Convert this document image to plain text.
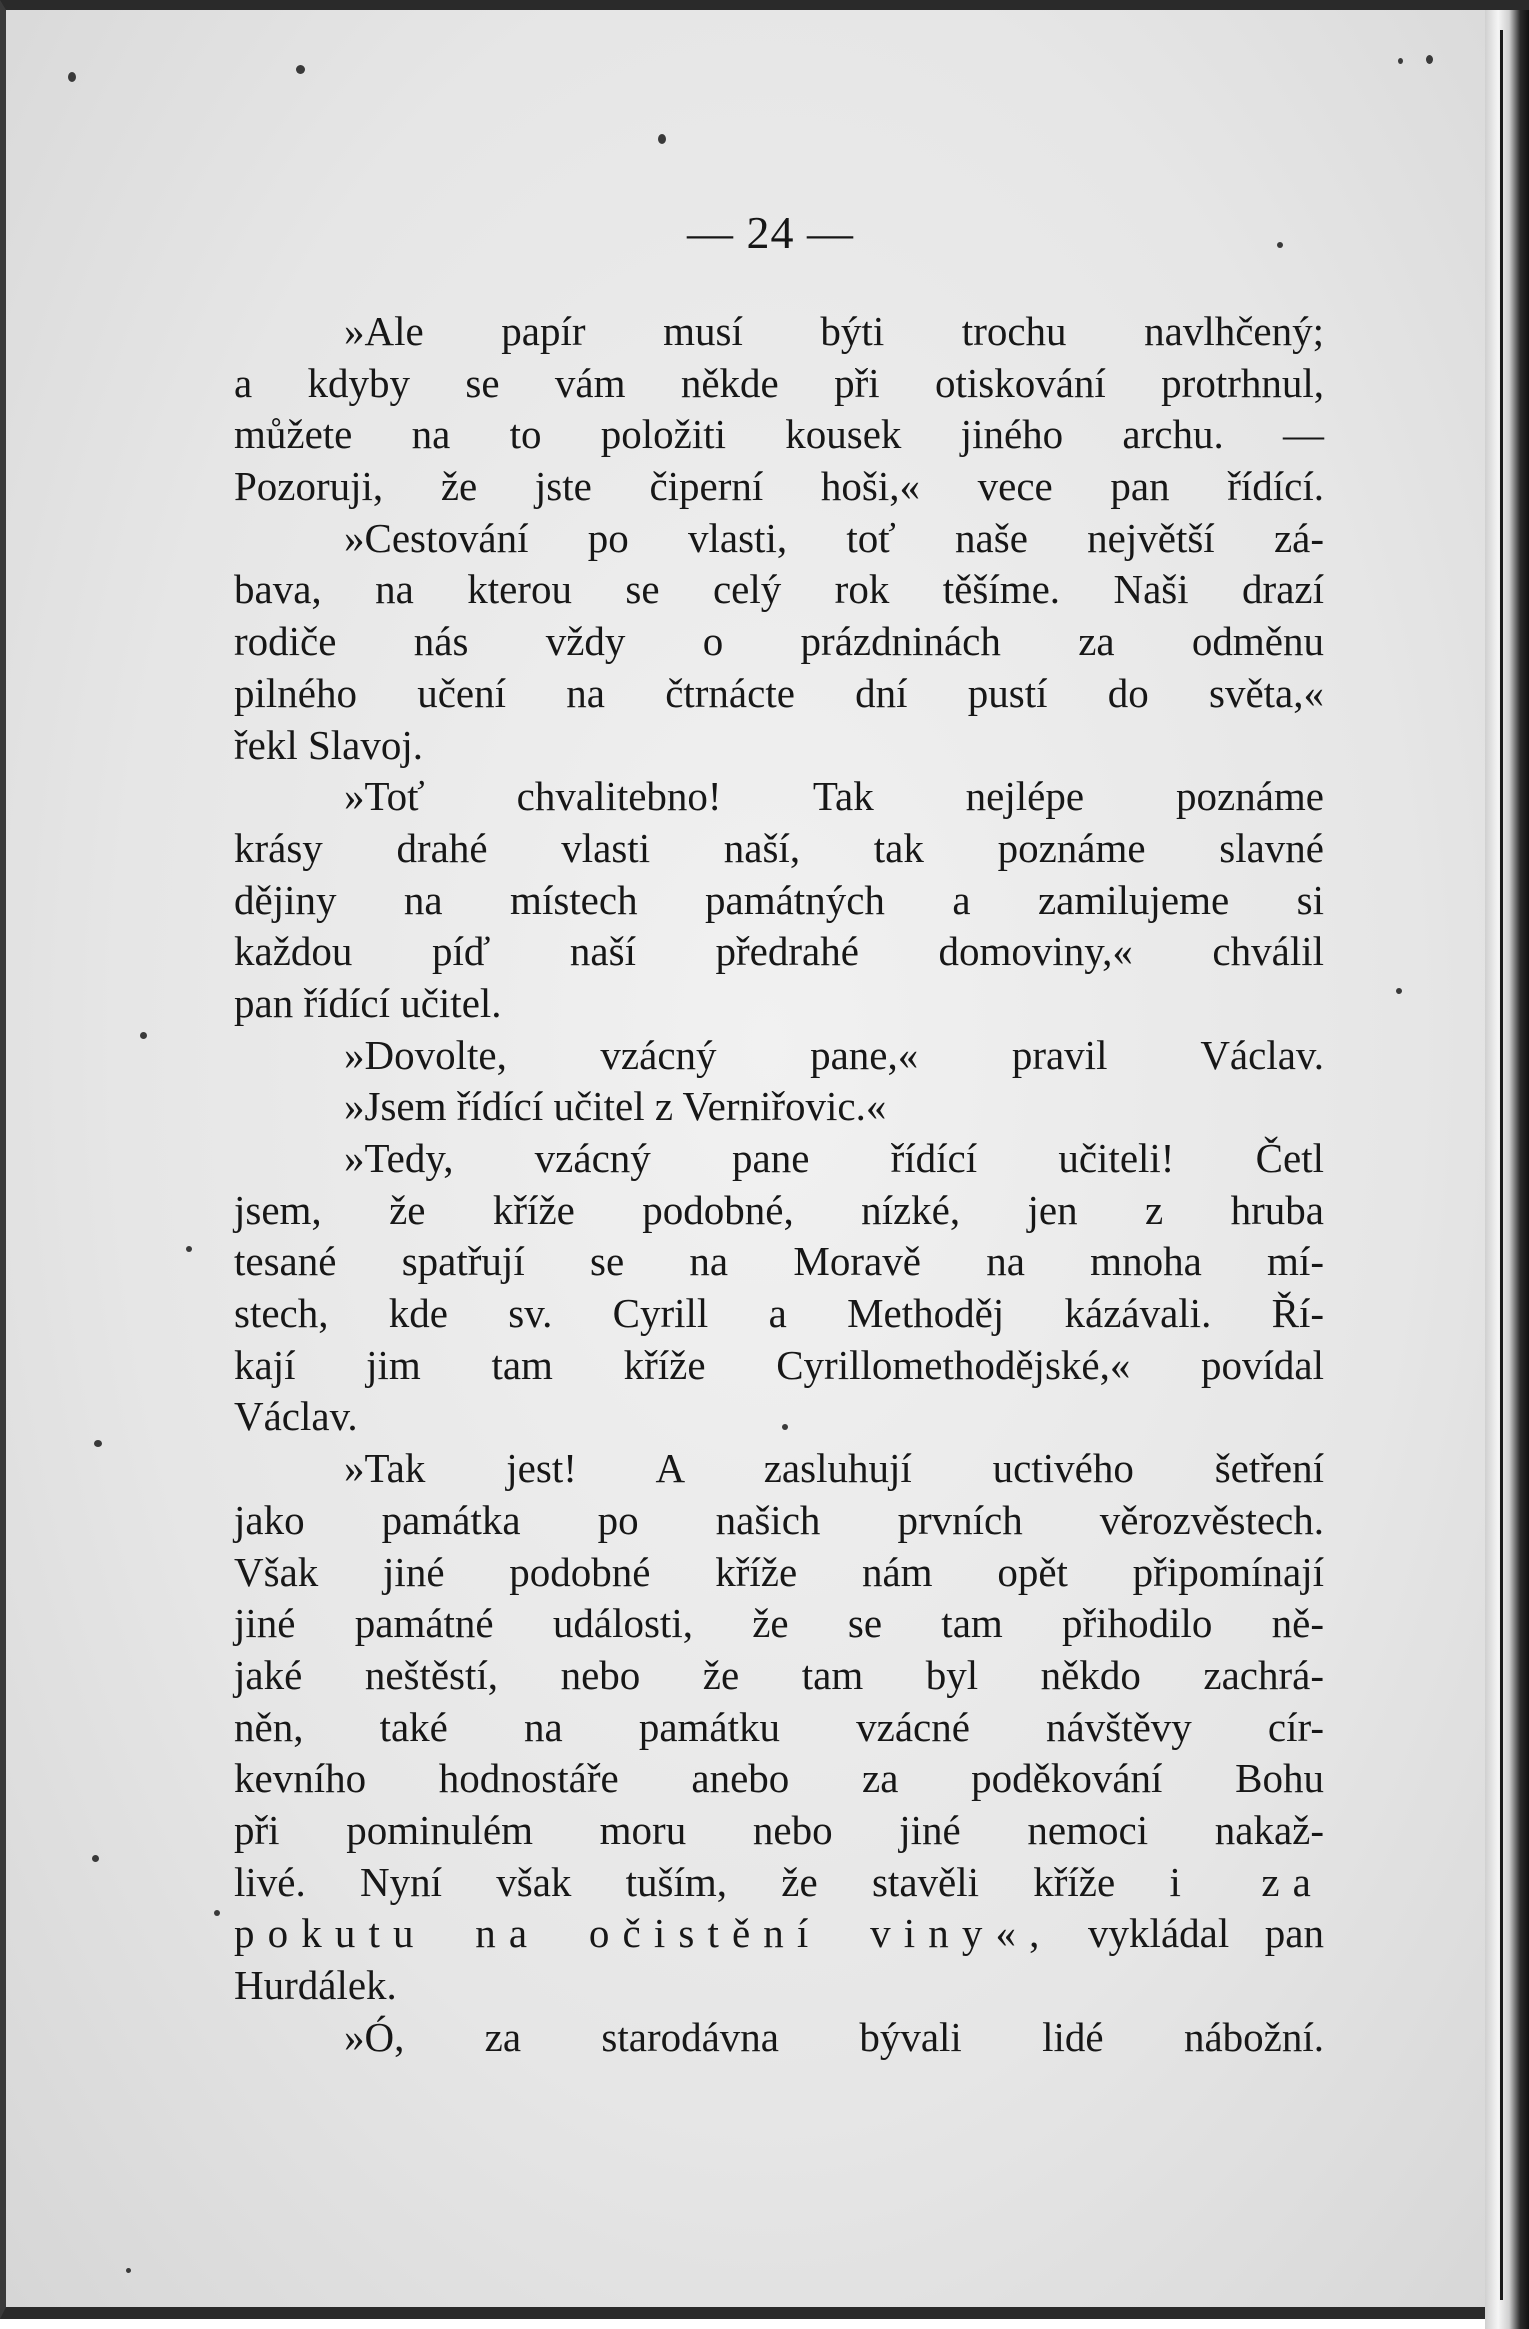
— 24 —
»Ale papír musí býti trochu navlhčený;
a kdyby se vám někde při otiskování protrhnul,
můžete na to položiti kousek jiného archu. —
Pozoruji, že jste čiperní hoši,« vece pan řídící.
»Cestování po vlasti, toť naše největší zá-
bava, na kterou se celý rok těšíme. Naši drazí
rodiče nás vždy o prázdninách za odměnu
pilného učení na čtrnácte dní pustí do světa,«
řekl Slavoj.
»Toť chvalitebno! Tak nejlépe poznáme
krásy drahé vlasti naší, tak poznáme slavné
dějiny na místech památných a zamilujeme si
každou píď naší předrahé domoviny,« chválil
pan řídící učitel.
»Dovolte, vzácný pane,« pravil Václav.
»Jsem řídící učitel z Verniřovic.«
»Tedy, vzácný pane řídící učiteli! Četl
jsem, že kříže podobné, nízké, jen z hruba
tesané spatřují se na Moravě na mnoha mí-
stech, kde sv. Cyrill a Methoděj kázávali. Ří-
kají jim tam kříže Cyrillomethodějské,« povídal
Václav.
»Tak jest! A zasluhují uctivého šetření
jako památka po našich prvních věrozvěstech.
Však jiné podobné kříže nám opět připomínají
jiné památné události, že se tam přihodilo ně-
jaké neštěstí, nebo že tam byl někdo zachrá-
něn, také na památku vzácné návštěvy cír-
kevního hodnostáře anebo za poděkování Bohu
při pominulém moru nebo jiné nemoci nakaž-
livé. Nyní však tuším, že stavěli kříže i za
pokutu na očistění viny«, vykládal pan
Hurdálek.
»Ó, za starodávna bývali lidé nábožní.
